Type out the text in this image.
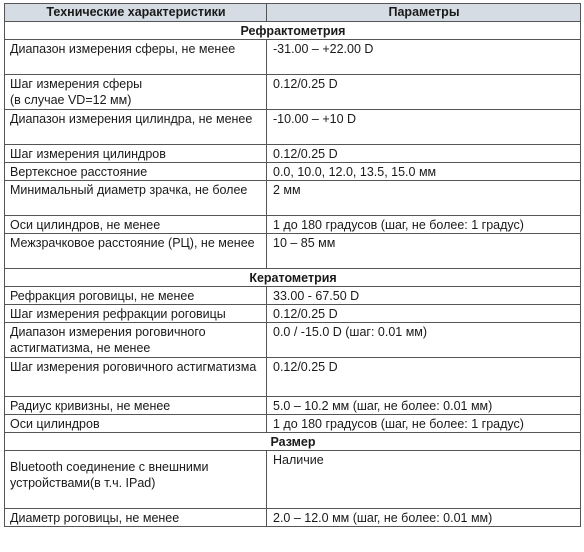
Технические характеристики	Параметры
Рефрактометрия	
Диапазон измерения сферы, не менее	-31.00 – +22.00 D
Шаг измерения сферы
(в случае VD=12 мм)	0.12/0.25 D
Диапазон измерения цилиндра, не менее	-10.00 – +10 D
Шаг измерения цилиндров	0.12/0.25 D
Вертексное расстояние	0.0, 10.0, 12.0, 13.5, 15.0 мм
Минимальный диаметр зрачка, не более	2 мм
Оси цилиндров, не менее	1 до 180 градусов (шаг, не более: 1 градус)
Межзрачковое расстояние (РЦ), не менее	10 – 85 мм
Кератометрия	
Рефракция роговицы, не менее	33.00 - 67.50 D
Шаг измерения рефракции роговицы	0.12/0.25 D
Диапазон измерения роговичного астигматизма, не менее	0.0 / -15.0 D (шаг: 0.01 мм)
Шаг измерения роговичного астигматизма	0.12/0.25 D
Радиус кривизны, не менее	5.0 – 10.2 мм (шаг, не более: 0.01 мм)
Оси цилиндров	1 до 180 градусов (шаг, не более: 1 градус)
Размер	
Bluetooth соединение с внешними устройствами(в т.ч. IPad)	Наличие
Диаметр роговицы, не менее	2.0 – 12.0 мм (шаг, не более: 0.01 мм)
